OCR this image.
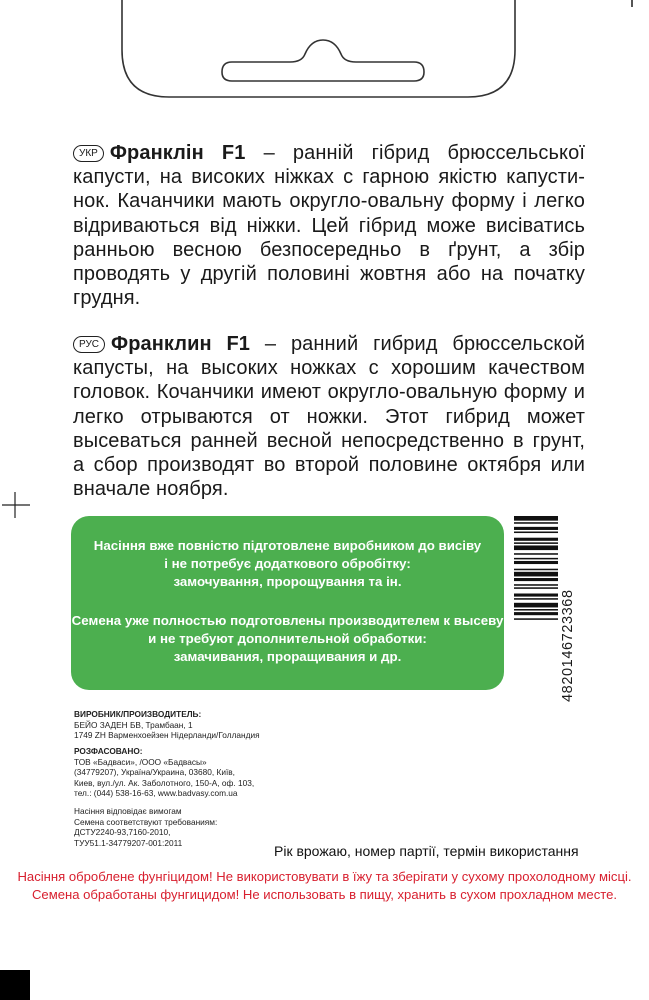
УКР Франклін F1 – ранній гібрид брюссельської капусти, на високих ніжках с гарною якістю капусти-нок. Качанчики мають округло-овальну форму і легко відриваються від ніжки. Цей гібрид може висіватись ранньою весною безпосередньо в ґрунт, а збір проводять у другій половині жовтня або на початку грудня.
РУС Франклин F1 – ранний гибрид брюссельской капусты, на высоких ножках с хорошим качеством головок. Кочанчики имеют округло-овальную форму и легко отрываются от ножки. Этот гибрид может высеваться ранней весной непосредственно в грунт, а сбор производят во второй половине октября или вначале ноября.
Насіння вже повністю підготовлене виробником до висіву
і не потребує додаткового обробітку:
замочування, пророщування та ін.
Семена уже полностью подготовлены производителем к высеву
и не требуют дополнительной обработки:
замачивания, проращивания и др.	4820146723368
ВИРОБНИК/ПРОИЗВОДИТЕЛЬ:
БЕЙО ЗАДЕН БВ, Трамбаан, 1
1749 ZH Варменхоейзен Нідерланди/Голландия
РОЗФАСОВАНО:
ТОВ «Бадваси», /ООО «Бадвасы»
(34779207), Україна/Украина, 03680, Київ,
Киев, вул./ул. Ак. Заболотного, 150-А, оф. 103,
тел.: (044) 538-16-63, www.badvasy.com.ua
Насіння відповідає вимогам
Семена соответствуют требованиям:
ДСТУ2240-93,7160-2010,
ТУУ51.1-34779207-001:2011
Рік врожаю, номер партії, термін використання
Насіння оброблене фунгіцидом! Не використовувати в їжу та зберігати у сухому прохолодному місці.
Семена обработаны фунгицидом! Не использовать в пищу, хранить в сухом прохладном месте.
